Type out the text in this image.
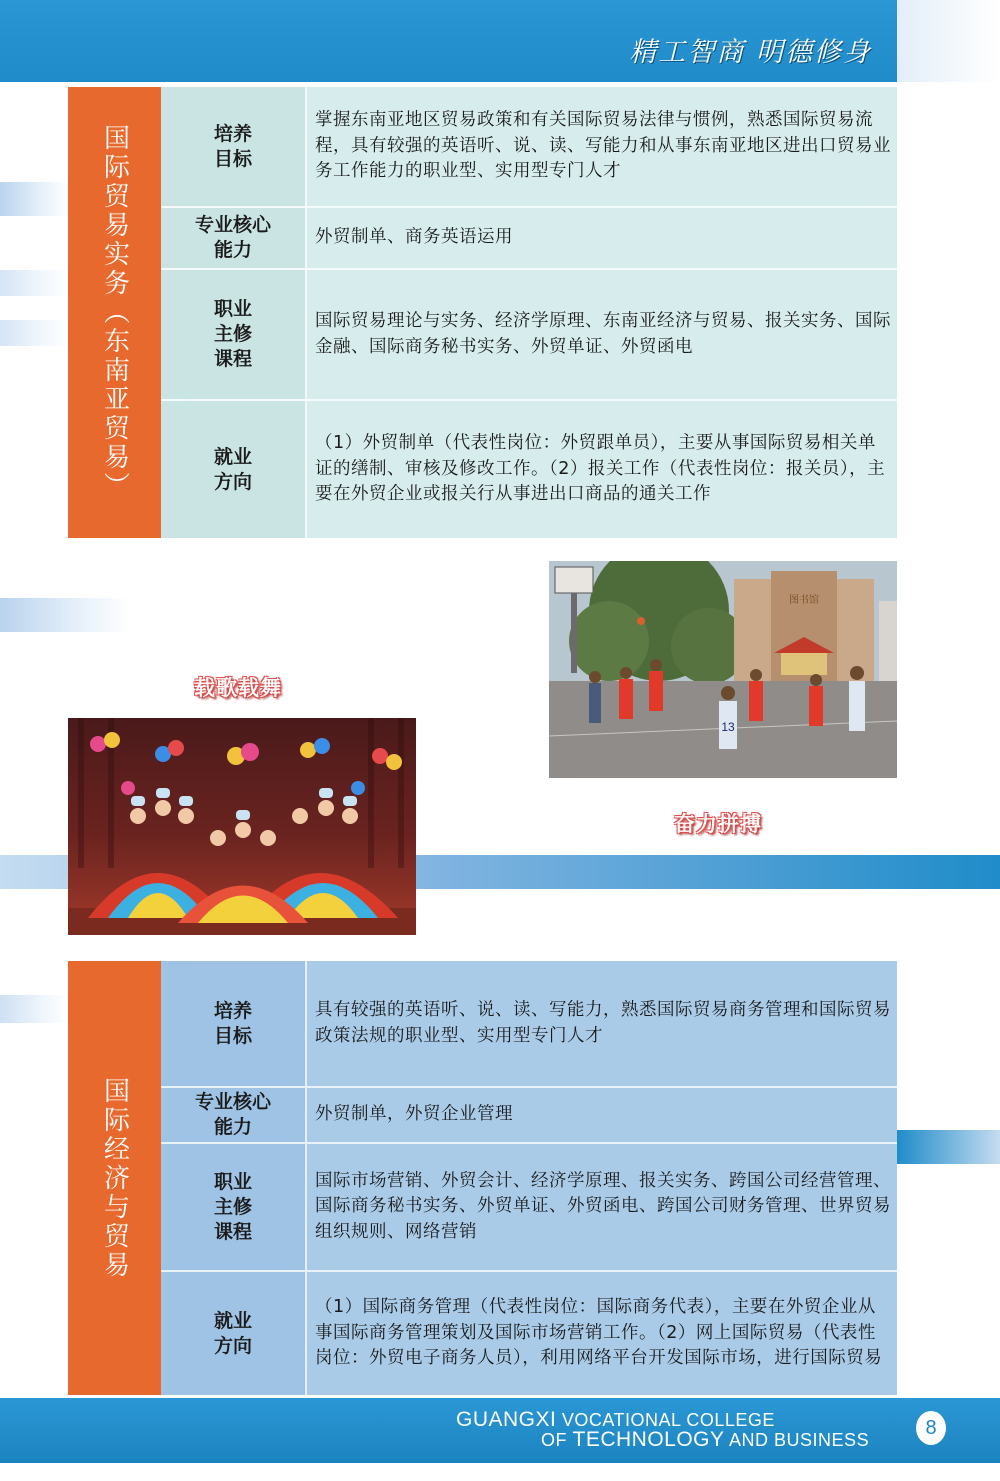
精工智商 明德修身
国际贸易实务（东南亚贸易）	培养
目标
掌握东南亚地区贸易政策和有关国际贸易法律与惯例，熟悉国际贸易流程，具有较强的英语听、说、读、写能力和从事东南亚地区进出口贸易业务工作能力的职业型、实用型专门人才
专业核心
能力
外贸制单、商务英语运用
职业
主修
课程
国际贸易理论与实务、经济学原理、东南亚经济与贸易、报关实务、国际金融、国际商务秘书实务、外贸单证、外贸函电
就业
方向
（1）外贸制单（代表性岗位：外贸跟单员），主要从事国际贸易相关单证的缮制、审核及修改工作。（2）报关工作（代表性岗位：报关员），主要在外贸企业或报关行从事进出口商品的通关工作
载歌载舞
奋力拼搏
图书馆
13
国际经济与贸易
培养
目标
具有较强的英语听、说、读、写能力，熟悉国际贸易商务管理和国际贸易政策法规的职业型、实用型专门人才
专业核心
能力
外贸制单，外贸企业管理
职业
主修
课程
国际市场营销、外贸会计、经济学原理、报关实务、跨国公司经营管理、国际商务秘书实务、外贸单证、外贸函电、跨国公司财务管理、世界贸易组织规则、网络营销
就业
方向
（1）国际商务管理（代表性岗位：国际商务代表），主要在外贸企业从事国际商务管理策划及国际市场营销工作。（2）网上国际贸易（代表性岗位：外贸电子商务人员），利用网络平台开发国际市场，进行国际贸易
GUANGXI VOCATIONAL COLLEGE
OF TECHNOLOGY AND BUSINESS
8
